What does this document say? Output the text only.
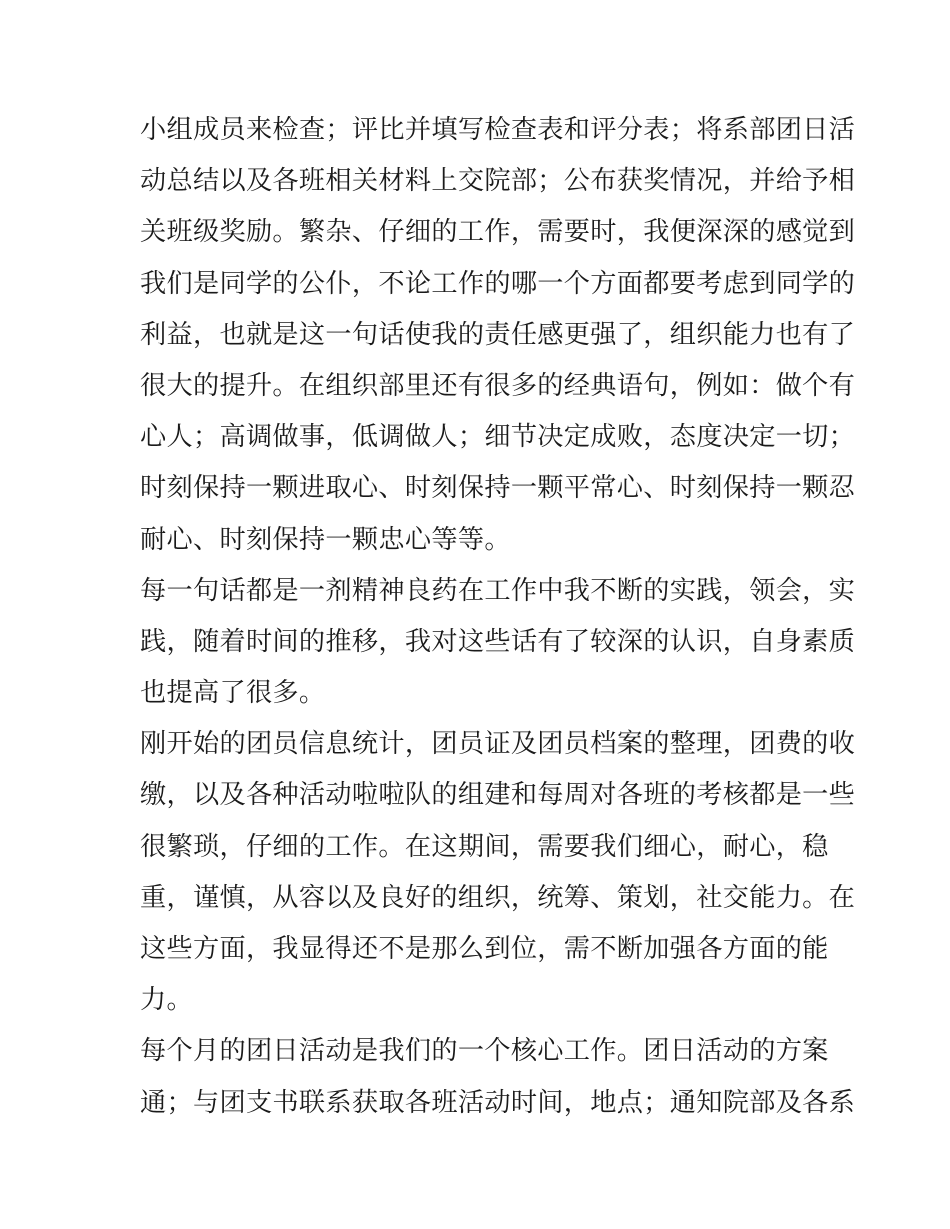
小组成员来检查；评比并填写检查表和评分表；将系部团日活
动总结以及各班相关材料上交院部；公布获奖情况，并给予相
关班级奖励。繁杂、仔细的工作，需要时，我便深深的感觉到
我们是同学的公仆，不论工作的哪一个方面都要考虑到同学的
利益，也就是这一句话使我的责任感更强了，组织能力也有了
很大的提升。在组织部里还有很多的经典语句，例如：做个有
心人；高调做事，低调做人；细节决定成败，态度决定一切；
时刻保持一颗进取心、时刻保持一颗平常心、时刻保持一颗忍
耐心、时刻保持一颗忠心等等。
每一句话都是一剂精神良药在工作中我不断的实践，领会，实
践，随着时间的推移，我对这些话有了较深的认识，自身素质
也提高了很多。
刚开始的团员信息统计，团员证及团员档案的整理，团费的收
缴，以及各种活动啦啦队的组建和每周对各班的考核都是一些
很繁琐，仔细的工作。在这期间，需要我们细心，耐心，稳
重，谨慎，从容以及良好的组织，统筹、策划，社交能力。在
这些方面，我显得还不是那么到位，需不断加强各方面的能
力。
每个月的团日活动是我们的一个核心工作。团日活动的方案
通；与团支书联系获取各班活动时间，地点；通知院部及各系
